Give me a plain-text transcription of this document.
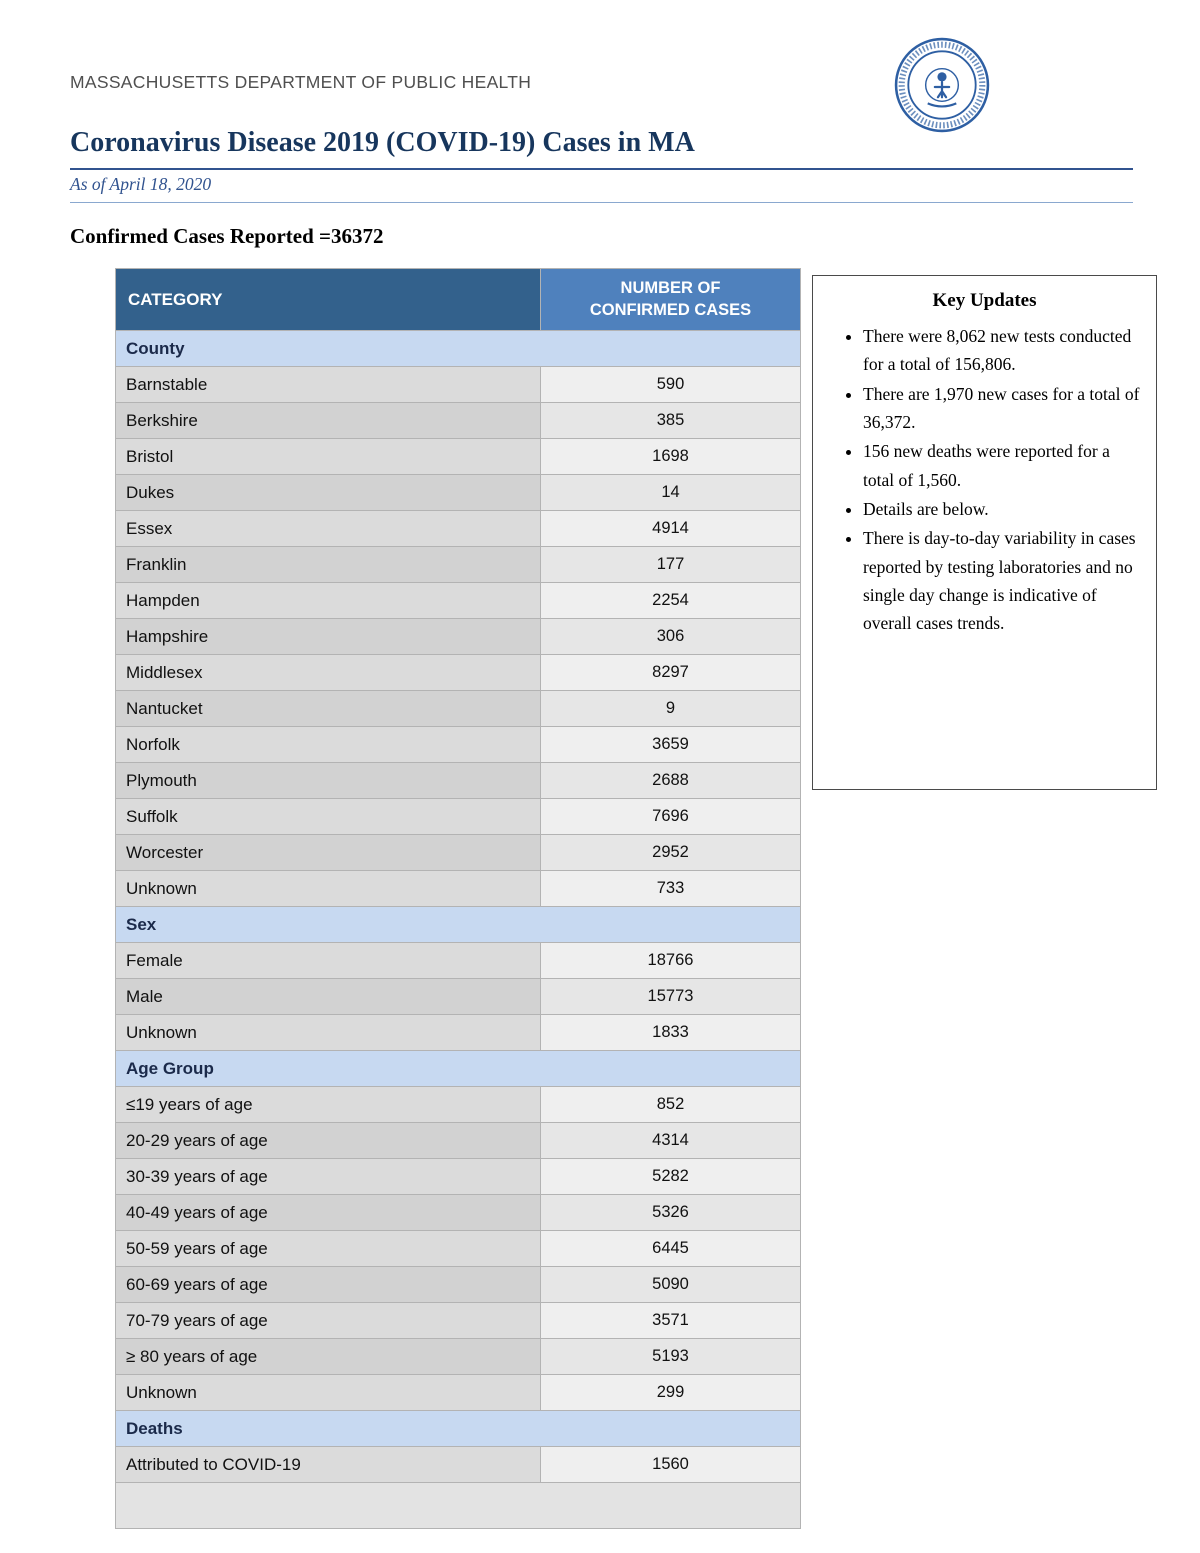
MASSACHUSETTS DEPARTMENT OF PUBLIC HEALTH
Coronavirus Disease 2019 (COVID-19) Cases in MA
As of April 18, 2020
Confirmed Cases Reported =36372
CATEGORY	NUMBER OF CONFIRMED CASES
County	
Barnstable	590
Berkshire	385
Bristol	1698
Dukes	14
Essex	4914
Franklin	177
Hampden	2254
Hampshire	306
Middlesex	8297
Nantucket	9
Norfolk	3659
Plymouth	2688
Suffolk	7696
Worcester	2952
Unknown	733
Sex	
Female	18766
Male	15773
Unknown	1833
Age Group	
≤19 years of age	852
20-29 years of age	4314
30-39 years of age	5282
40-49 years of age	5326
50-59 years of age	6445
60-69 years of age	5090
70-79 years of age	3571
≥ 80 years of age	5193
Unknown	299
Deaths	
Attributed to COVID-19	1560

Key Updates
• There were 8,062 new tests conducted for a total of 156,806.
• There are 1,970 new cases for a total of 36,372.
• 156 new deaths were reported for a total of 1,560.
• Details are below.
• There is day-to-day variability in cases reported by testing laboratories and no single day change is indicative of overall cases trends.
